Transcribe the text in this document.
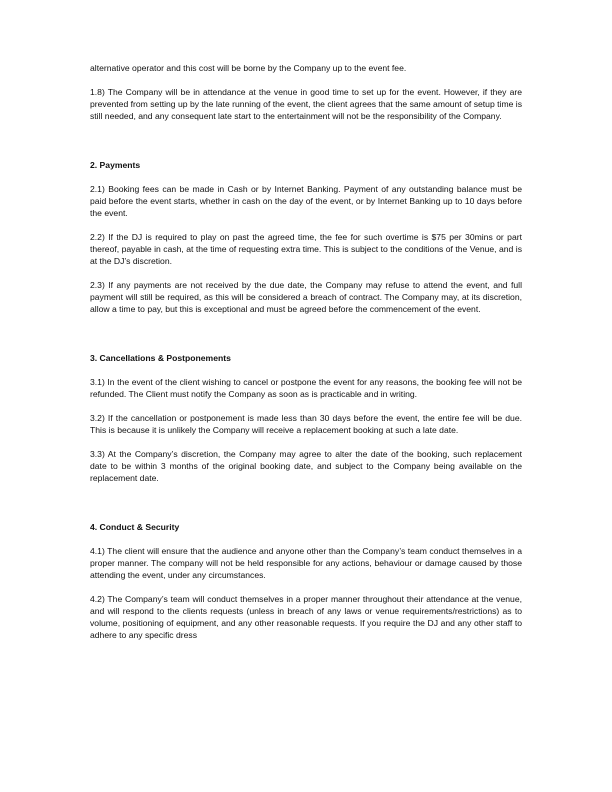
alternative operator and this cost will be borne by the Company up to the event fee.

1.8) The Company will be in attendance at the venue in good time to set up for the event. However, if they are prevented from setting up by the late running of the event, the client agrees that the same amount of setup time is still needed, and any consequent late start to the entertainment will not be the responsibility of the Company.

2. Payments

2.1) Booking fees can be made in Cash or by Internet Banking. Payment of any outstanding balance must be paid before the event starts, whether in cash on the day of the event, or by Internet Banking up to 10 days before the event.

2.2) If the DJ is required to play on past the agreed time, the fee for such overtime is $75 per 30mins or part thereof, payable in cash, at the time of requesting extra time. This is subject to the conditions of the Venue, and is at the DJ’s discretion.

2.3) If any payments are not received by the due date, the Company may refuse to attend the event, and full payment will still be required, as this will be considered a breach of contract. The Company may, at its discretion, allow a time to pay, but this is exceptional and must be agreed before the commencement of the event.

3. Cancellations & Postponements

3.1) In the event of the client wishing to cancel or postpone the event for any reasons, the booking fee will not be refunded. The Client must notify the Company as soon as is practicable and in writing.

3.2) If the cancellation or postponement is made less than 30 days before the event, the entire fee will be due. This is because it is unlikely the Company will receive a replacement booking at such a late date.

3.3) At the Company’s discretion, the Company may agree to alter the date of the booking, such replacement date to be within 3 months of the original booking date, and subject to the Company being available on the replacement date.

4. Conduct & Security

4.1) The client will ensure that the audience and anyone other than the Company’s team conduct themselves in a proper manner. The company will not be held responsible for any actions, behaviour or damage caused by those attending the event, under any circumstances.

4.2) The Company’s team will conduct themselves in a proper manner throughout their attendance at the venue, and will respond to the clients requests (unless in breach of any laws or venue requirements/restrictions) as to volume, positioning of equipment, and any other reasonable requests. If you require the DJ and any other staff to adhere to any specific dress
